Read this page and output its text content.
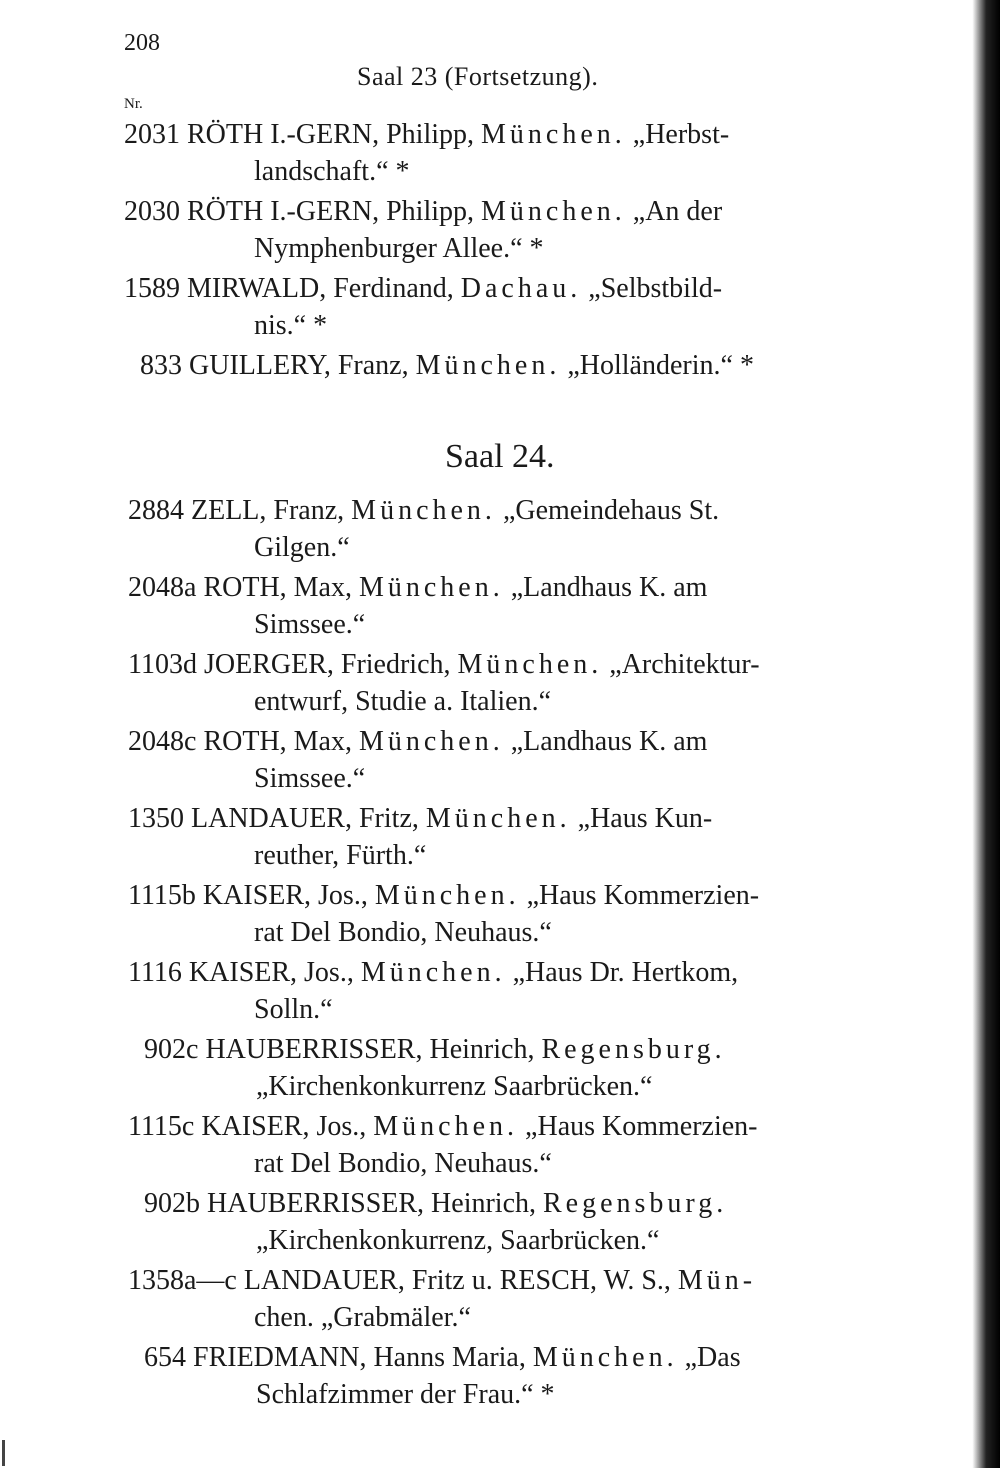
208
Saal 23 (Fortsetzung).
Nr.
2031 RÖTH I.-GERN, Philipp, München. „Herbst-
landschaft.“ *
2030 RÖTH I.-GERN, Philipp, München. „An der
Nymphenburger Allee.“ *
1589 MIRWALD, Ferdinand, Dachau. „Selbstbild-
nis.“ *
833 GUILLERY, Franz, München. „Holländerin.“ *
Saal 24.
2884 ZELL, Franz, München. „Gemeindehaus St.
Gilgen.“
2048a ROTH, Max, München. „Landhaus K. am
Simssee.“
1103d JOERGER, Friedrich, München. „Architektur-
entwurf, Studie a. Italien.“
2048c ROTH, Max, München. „Landhaus K. am
Simssee.“
1350 LANDAUER, Fritz, München. „Haus Kun-
reuther, Fürth.“
1115b KAISER, Jos., München. „Haus Kommerzien-
rat Del Bondio, Neuhaus.“
1116 KAISER, Jos., München. „Haus Dr. Hertkom,
Solln.“
902c HAUBERRISSER, Heinrich, Regensburg.
„Kirchenkonkurrenz Saarbrücken.“
1115c KAISER, Jos., München. „Haus Kommerzien-
rat Del Bondio, Neuhaus.“
902b HAUBERRISSER, Heinrich, Regensburg.
„Kirchenkonkurrenz, Saarbrücken.“
1358a—c LANDAUER, Fritz u. RESCH, W. S., Mün-
chen. „Grabmäler.“
654 FRIEDMANN, Hanns Maria, München. „Das
Schlafzimmer der Frau.“ *
